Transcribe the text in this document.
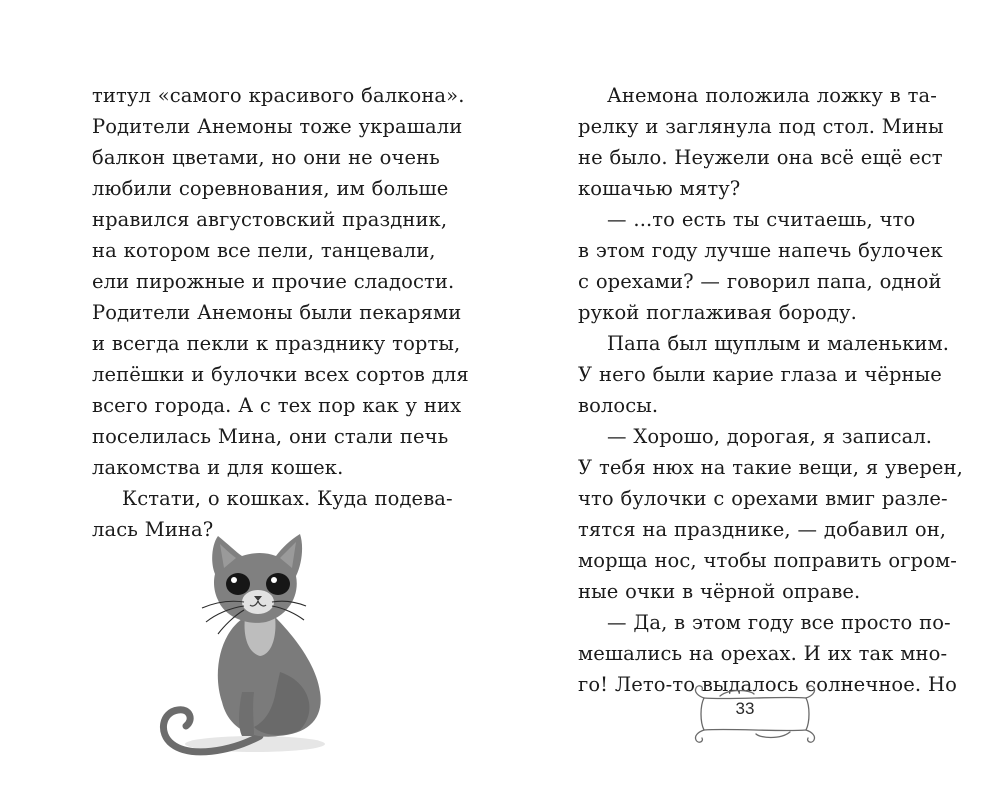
титул «самого красивого балкона».
Родители Анемоны тоже украшали
балкон цветами, но они не очень
любили соревнования, им больше
нравился августовский праздник,
на котором все пели, танцевали,
ели пирожные и прочие сладости.
Родители Анемоны были пекарями
и всегда пекли к празднику торты,
лепёшки и булочки всех сортов для
всего города. А с тех пор как у них
поселилась Мина, они стали печь
лакомства и для кошек.
Кстати, о кошках. Куда подева-
лась Мина?
Анемона положила ложку в та-
релку и заглянула под стол. Мины
не было. Неужели она всё ещё ест
кошачью мяту?
— ...то есть ты считаешь, что
в этом году лучше напечь булочек
с орехами? — говорил папа, одной
рукой поглаживая бороду.
Папа был щуплым и маленьким.
У него были карие глаза и чёрные
волосы.
— Хорошо, дорогая, я записал.
У тебя нюх на такие вещи, я уверен,
что булочки с орехами вмиг разле-
тятся на празднике, — добавил он,
морща нос, чтобы поправить огром-
ные очки в чёрной оправе.
— Да, в этом году все просто по-
мешались на орехах. И их так мно-
го! Лето-то выдалось солнечное. Но
33
